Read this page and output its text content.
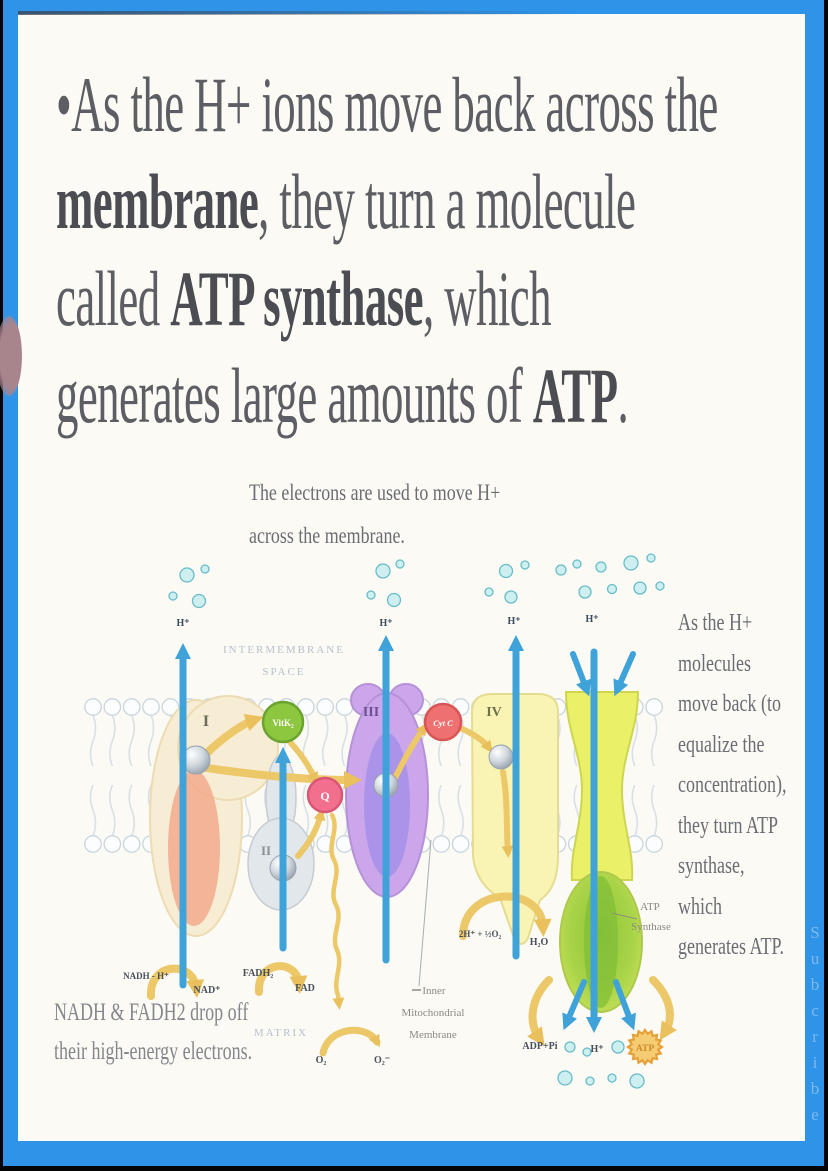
•As the H+ ions move back across the
membrane, they turn a molecule
called ATP synthase, which
generates large amounts of ATP.
The electrons are used to move H+
across the membrane.
VitK₂
Q
Cyt C
ATP
INTERMEMBRANE
SPACE
MATRIX
H⁺	H⁺	H⁺	H⁺
I
II
III	IV
NADH - H⁺
NAD⁺
FADH₂
FAD
O₂	O₂⁻
2H⁺ + ½O₂
H₂O
ADP+Pi	H⁺
ATP
Synthase
Inner
Mitochondrial
Membrane
As the H+
molecules
move back (to
equalize the
concentration),
they turn ATP
synthase,
which
generates ATP.
NADH & FADH2 drop off
their high-energy electrons.
S
u
b
c
r
i
b
e
